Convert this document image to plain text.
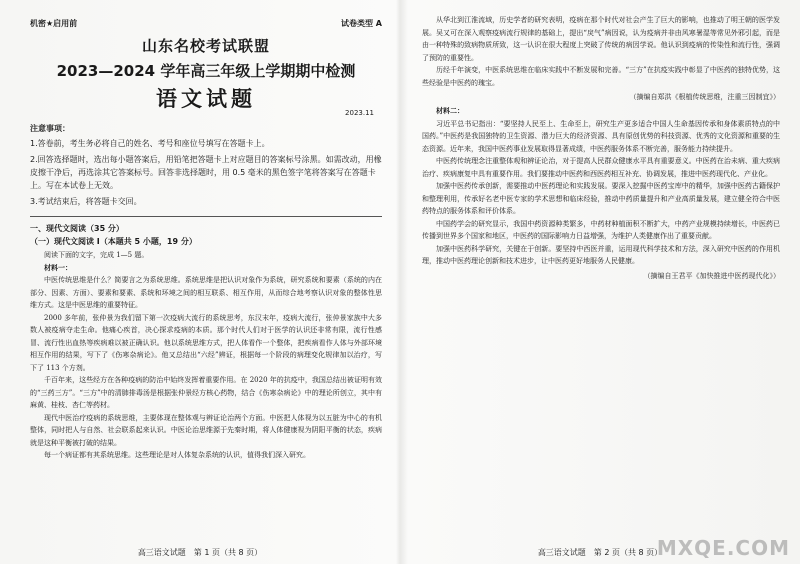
机密★启用前	试卷类型 A
山东名校考试联盟
2023—2024 学年高三年级上学期期中检测
语文试题
2023.11
注意事项：

1.答卷前，考生务必将自己的姓名、考号和座位号填写在答题卡上。

2.回答选择题时，选出每小题答案后，用铅笔把答题卡上对应题目的答案标号涂黑。如需改动，用橡皮擦干净后，再选涂其它答案标号。回答非选择题时，用 0.5 毫米的黑色签字笔将答案写在答题卡上。写在本试卷上无效。

3.考试结束后，将答题卡交回。

一、现代文阅读（35 分）
（一）现代文阅读 I（本题共 5 小题，19 分）

阅读下面的文字，完成 1—5 题。

材料一：

中医传统思维是什么？简要言之为系统思维。系统思维是把认识对象作为系统，研究系统和要素（系统的内在部分、因素、方面）、要素和要素、系统和环境之间的相互联系、相互作用，从而综合地考察认识对象的整体性思维方式。这是中医思维的重要特征。

2000 多年前，张仲景为我们留下第一次疫病大流行的系统思考，东汉末年，疫病大流行，张仲景家族中大多数人被疫病夺走生命。他痛心疾首，决心探求疫病的本质。那个时代人们对于医学的认识还非常有限，流行性感冒、流行性出血热等疾病难以被正确认识。他以系统思维方式，把人体看作一个整体，把疾病看作人体与外部环境相互作用的结果，写下了《伤寒杂病论》。他又总结出“六经”辨证，根据每一个阶段的病理变化规律加以治疗，写下了 113 个方剂。

千百年来，这些经方在各种疫病的防治中始终发挥着重要作用。在 2020 年的抗疫中，我国总结出被证明有效的“三药三方”。“三方”中的清肺排毒汤是根据张仲景经方核心药物，结合《伤寒杂病论》中的理论所创立，其中有麻黄、桂枝、杏仁等药材。

现代中医治疗疫病的系统思维，主要体现在整体观与辨证论治两个方面。中医把人体视为以五脏为中心的有机整体，同时把人与自然、社会联系起来认识。中医论治思维源于先秦时期，将人体健康视为阴阳平衡的状态，疾病就是这种平衡被打破的结果。

每一个病证都有其系统思维。这些理论是对人体复杂系统的认识，值得我们深入研究。

高三语文试题　第 1 页（共 8 页）

从华北到江淮流域，历史学者的研究表明，疫病在那个时代对社会产生了巨大的影响，也推动了明王朝的医学发展。吴又可在深入观察疫病流行规律的基础上，提出“戾气”病因说，认为疫病并非由风寒暑湿等常见外邪引起，而是由一种特殊的致病物质所致，这一认识在很大程度上突破了传统的病因学说。他认识到疫病的传染性和流行性，强调了预防的重要性。

历经千年演变，中医系统思维在临床实践中不断发展和完善。“三方”在抗疫实践中彰显了中医药的独特优势，这些经验是中医药的瑰宝。

（摘编自郑洪《根植传统思维，注重三因制宜》）

材料二：

习近平总书记指出：“要坚持人民至上、生命至上，研究生产更多适合中国人生命基因传承和身体素质特点的中国药。”中医药是我国独特的卫生资源、潜力巨大的经济资源、具有原创优势的科技资源、优秀的文化资源和重要的生态资源。近年来，我国中医药事业发展取得显著成绩，中医药服务体系不断完善，服务能力持续提升。

中医药传统理念注重整体观和辨证论治，对于提高人民群众健康水平具有重要意义。中医药在治未病、重大疾病治疗、疾病康复中具有重要作用。我们要推动中医药和西医药相互补充、协调发展，推进中医药现代化、产业化。

加强中医药传承创新，需要推动中医药理论和实践发展。要深入挖掘中医药宝库中的精华，加强中医药古籍保护和整理利用，传承好名老中医专家的学术思想和临床经验，推动中药质量提升和产业高质量发展，建立健全符合中医药特点的服务体系和评价体系。

中国药学会的研究显示，我国中药资源种类繁多，中药材种植面积不断扩大，中药产业规模持续增长，中医药已传播到世界多个国家和地区，中医药的国际影响力日益增强，为维护人类健康作出了重要贡献。

加强中医药科学研究，关键在于创新。要坚持中西医并重，运用现代科学技术和方法，深入研究中医药的作用机理，推动中医药理论创新和技术进步，让中医药更好地服务人民健康。

（摘编自王君平《加快推进中医药现代化》）
高三语文试题　第 2 页（共 8 页）
MXQE.COM
